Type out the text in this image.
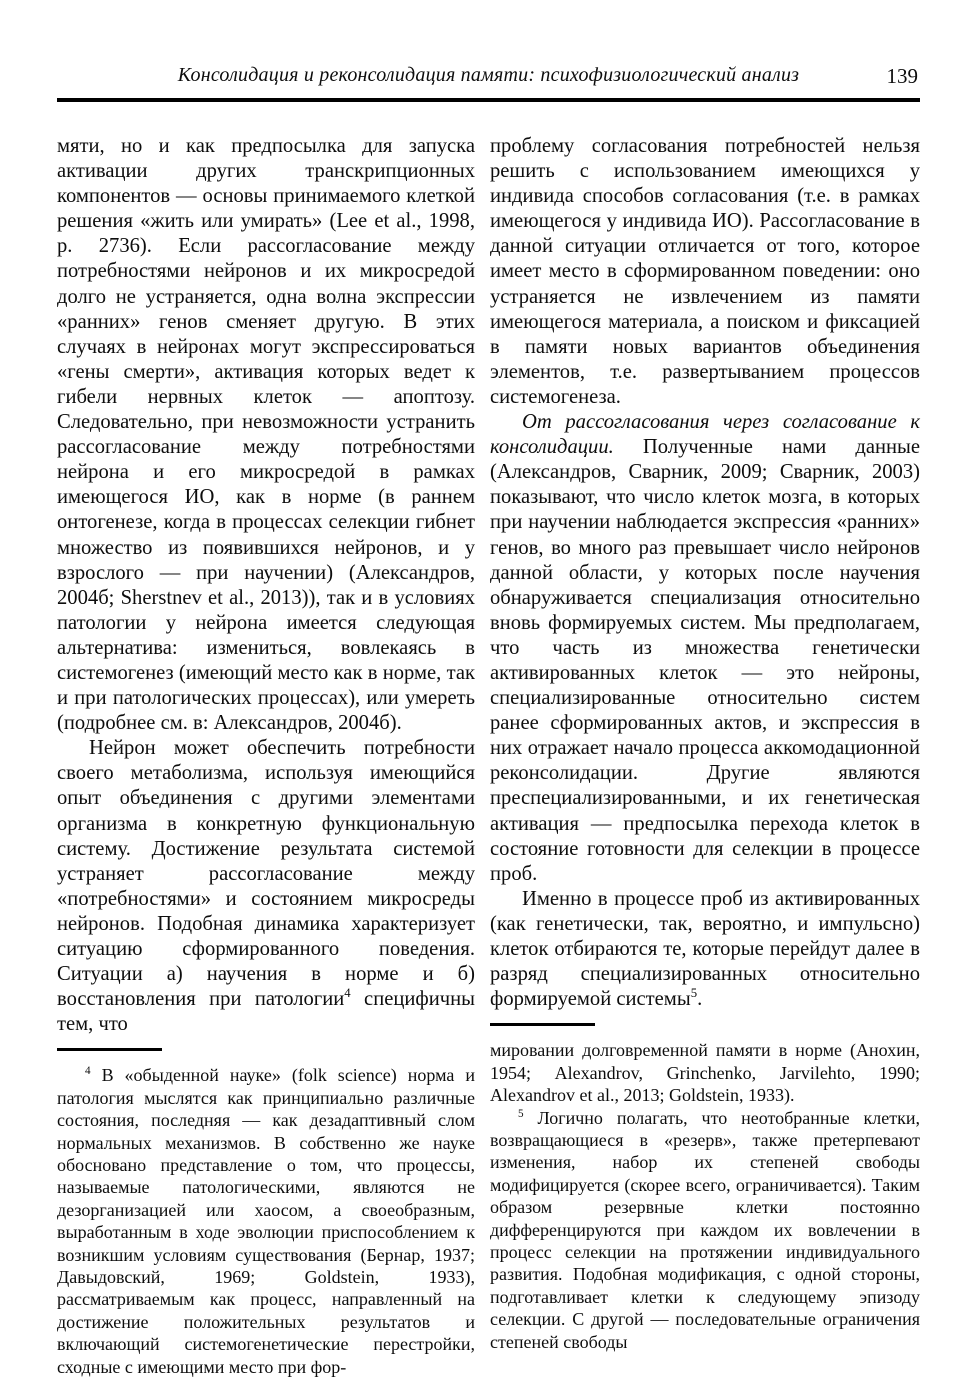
Консолидация и реконсолидация памяти: психофизиологический анализ	139

мяти, но и как предпосылка для запуска активации других транскрипционных компонентов — основы принимаемого клеткой решения «жить или умирать» (Lee et al., 1998, p. 2736). Если рассогласование между потребностями нейронов и их микросредой долго не устраняется, одна волна экспрессии «ранних» генов сменяет другую. В этих случаях в нейронах могут экспрессироваться «гены смерти», активация которых ведет к гибели нервных клеток — апоптозу. Следовательно, при невозможности устранить рассогласование между потребностями нейрона и его микросредой в рамках имеющегося ИО, как в норме (в раннем онтогенезе, когда в процессах селекции гибнет множество из появившихся нейронов, и у взрослого — при научении) (Александров, 2004б; Sherstnev et al., 2013)), так и в условиях патологии у нейрона имеется следующая альтернатива: измениться, вовлекаясь в системогенез (имеющий место как в норме, так и при патологических процессах), или умереть (подробнее см. в: Александров, 2004б).

Нейрон может обеспечить потребности своего метаболизма, используя имеющийся опыт объединения с другими элементами организма в конкретную функциональную систему. Достижение результата системой устраняет рассогласование между «потребностями» и состоянием микросреды нейронов. Подобная динамика характеризует ситуацию сформированного поведения. Ситуации а) научения в норме и б) восстановления при патологии$^4$ специфичны тем, что

$^4$ В «обыденной науке» (folk science) норма и патология мыслятся как принципиально различные состояния, последняя — как дезадаптивный слом нормальных механизмов. В собственно же науке обосновано представление о том, что процессы, называемые патологическими, являются не дезорганизацией или хаосом, а своеобразным, выработанным в ходе эволюции приспособлением к возникшим условиям существования (Бернар, 1937; Давыдовский, 1969; Goldstein, 1933), рассматриваемым как процесс, направленный на достижение положительных результатов и включающий системогенетические перестройки, сходные с имеющими место при фор-

проблему согласования потребностей нельзя решить с использованием имеющихся у индивида способов согласования (т.е. в рамках имеющегося у индивида ИО). Рассогласование в данной ситуации отличается от того, которое имеет место в сформированном поведении: оно устраняется не извлечением из памяти имеющегося материала, а поиском и фиксацией в памяти новых вариантов объединения элементов, т.е. развертыванием процессов системогенеза.

От рассогласования через согласование к консолидации. Полученные нами данные (Александров, Сварник, 2009; Сварник, 2003) показывают, что число клеток мозга, в которых при научении наблюдается экспрессия «ранних» генов, во много раз превышает число нейронов данной области, у которых после научения обнаруживается специализация относительно вновь формируемых систем. Мы предполагаем, что часть из множества генетически активированных клеток — это нейроны, специализированные относительно систем ранее сформированных актов, и экспрессия в них отражает начало процесса аккомодационной реконсолидации. Другие являются преспециализированными, и их генетическая активация — предпосылка перехода клеток в состояние готовности для селекции в процессе проб.

Именно в процессе проб из активированных (как генетически, так, вероятно, и импульсно) клеток отбираются те, которые перейдут далее в разряд специализированных относительно формируемой системы$^5$.

мировании долговременной памяти в норме (Анохин, 1954; Alexandrov, Grinchenko, Jarvilehto, 1990; Alexandrov et al., 2013; Goldstein, 1933).

$^5$ Логично полагать, что неотобранные клетки, возвращающиеся в «резерв», также претерпевают изменения, набор их степеней свободы модифицируется (скорее всего, ограничивается). Таким образом резервные клетки постоянно дифференцируются при каждом их вовлечении в процесс селекции на протяжении индивидуального развития. Подобная модификация, с одной стороны, подготавливает клетки к следующему эпизоду селекции. С другой — последовательные ограничения степеней свободы
